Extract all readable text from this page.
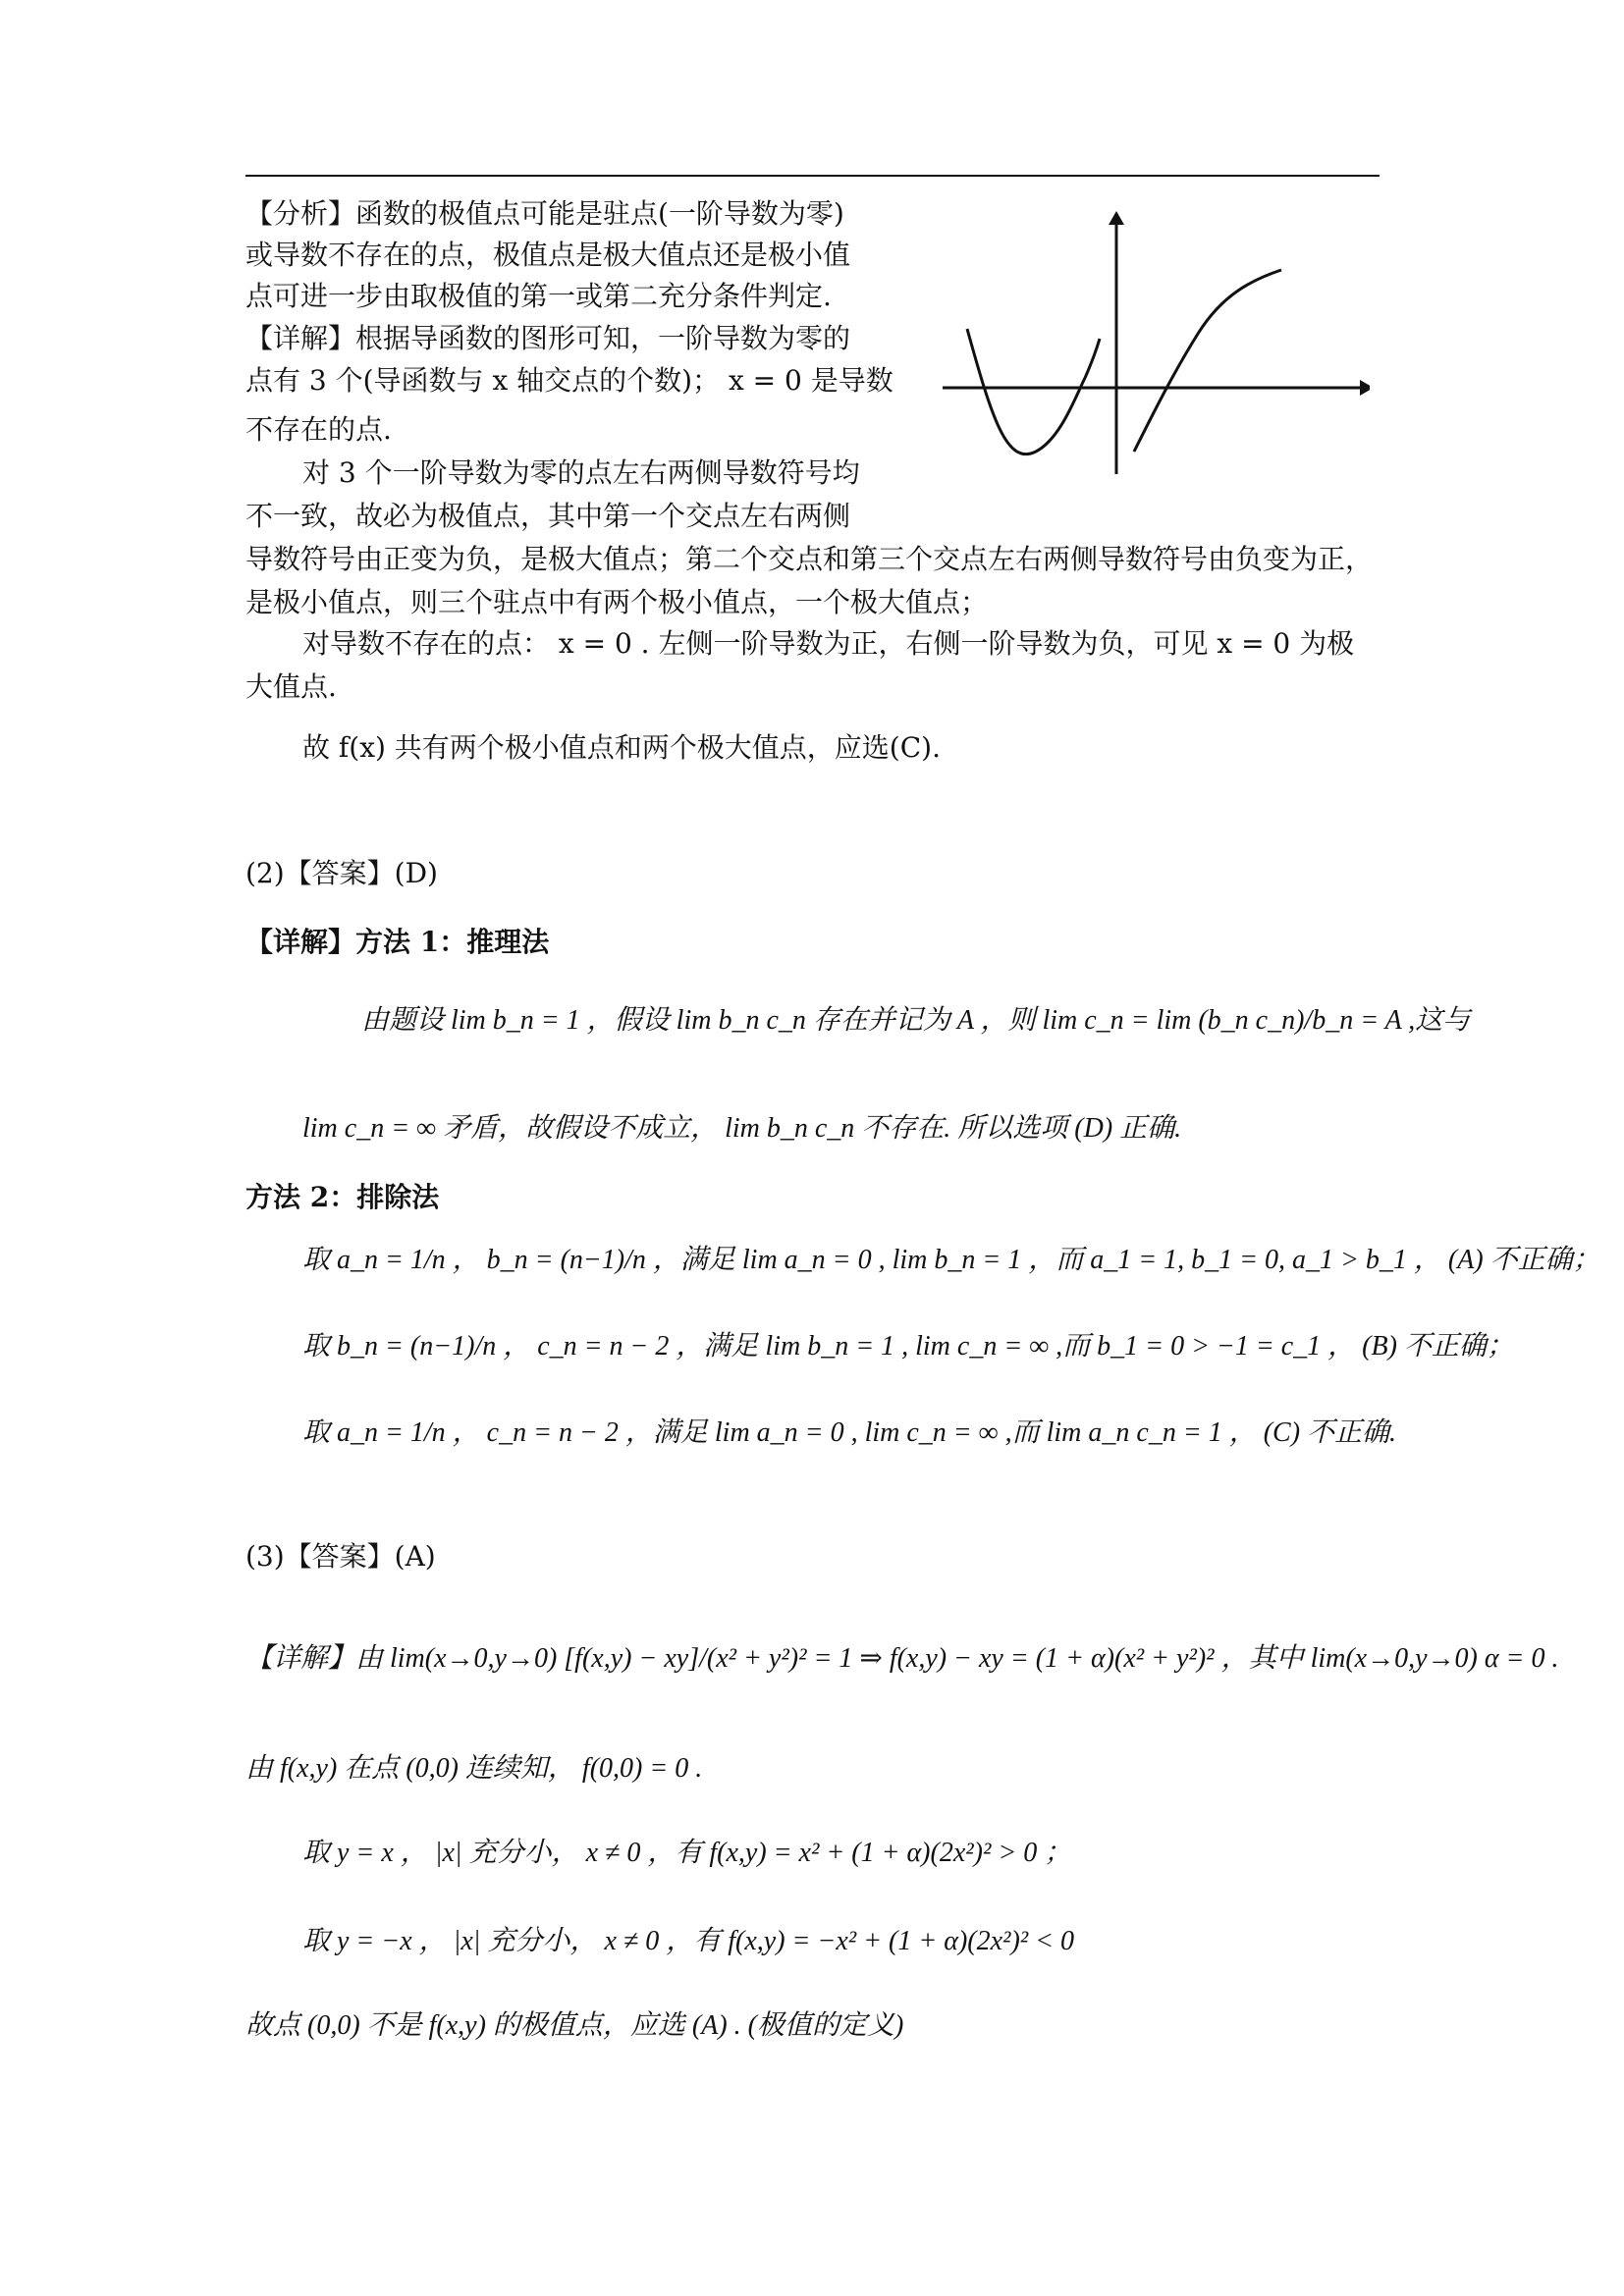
【分析】函数的极值点可能是驻点(一阶导数为零)
或导数不存在的点，极值点是极大值点还是极小值
点可进一步由取极值的第一或第二充分条件判定.
【详解】根据导函数的图形可知，一阶导数为零的
点有 3 个(导函数与 x 轴交点的个数)； x = 0 是导数
不存在的点.
对 3 个一阶导数为零的点左右两侧导数符号均
不一致，故必为极值点，其中第一个交点左右两侧
导数符号由正变为负，是极大值点；第二个交点和第三个交点左右两侧导数符号由负变为正，
是极小值点，则三个驻点中有两个极小值点，一个极大值点；
对导数不存在的点： x = 0 . 左侧一阶导数为正，右侧一阶导数为负，可见 x = 0 为极
大值点.
故 f(x) 共有两个极小值点和两个极大值点，应选(C).
(2)【答案】(D)
【详解】方法 1：推理法
由题设 lim b_n = 1 ，假设 lim b_n c_n 存在并记为 A ，则 lim c_n = lim (b_n c_n)/b_n = A ,这与
lim c_n = ∞ 矛盾，故假设不成立， lim b_n c_n 不存在. 所以选项 (D) 正确.
方法 2：排除法
取 a_n = 1/n ， b_n = (n−1)/n ，满足 lim a_n = 0 , lim b_n = 1 ，而 a_1 = 1, b_1 = 0, a_1 > b_1 ， (A) 不正确；
取 b_n = (n−1)/n ， c_n = n − 2 ，满足 lim b_n = 1 , lim c_n = ∞ ,而 b_1 = 0 > −1 = c_1 ， (B) 不正确；
取 a_n = 1/n ， c_n = n − 2 ，满足 lim a_n = 0 , lim c_n = ∞ ,而 lim a_n c_n = 1 ， (C) 不正确.
(3)【答案】(A)
【详解】由 lim(x→0,y→0) [f(x,y) − xy]/(x² + y²)² = 1 ⇒ f(x,y) − xy = (1 + α)(x² + y²)² ，其中 lim(x→0,y→0) α = 0 .
由 f(x,y) 在点 (0,0) 连续知， f(0,0) = 0 .
取 y = x ， |x| 充分小， x ≠ 0 ，有 f(x,y) = x² + (1 + α)(2x²)² > 0 ；
取 y = −x ， |x| 充分小， x ≠ 0 ，有 f(x,y) = −x² + (1 + α)(2x²)² < 0
故点 (0,0) 不是 f(x,y) 的极值点，应选 (A) . (极值的定义)
